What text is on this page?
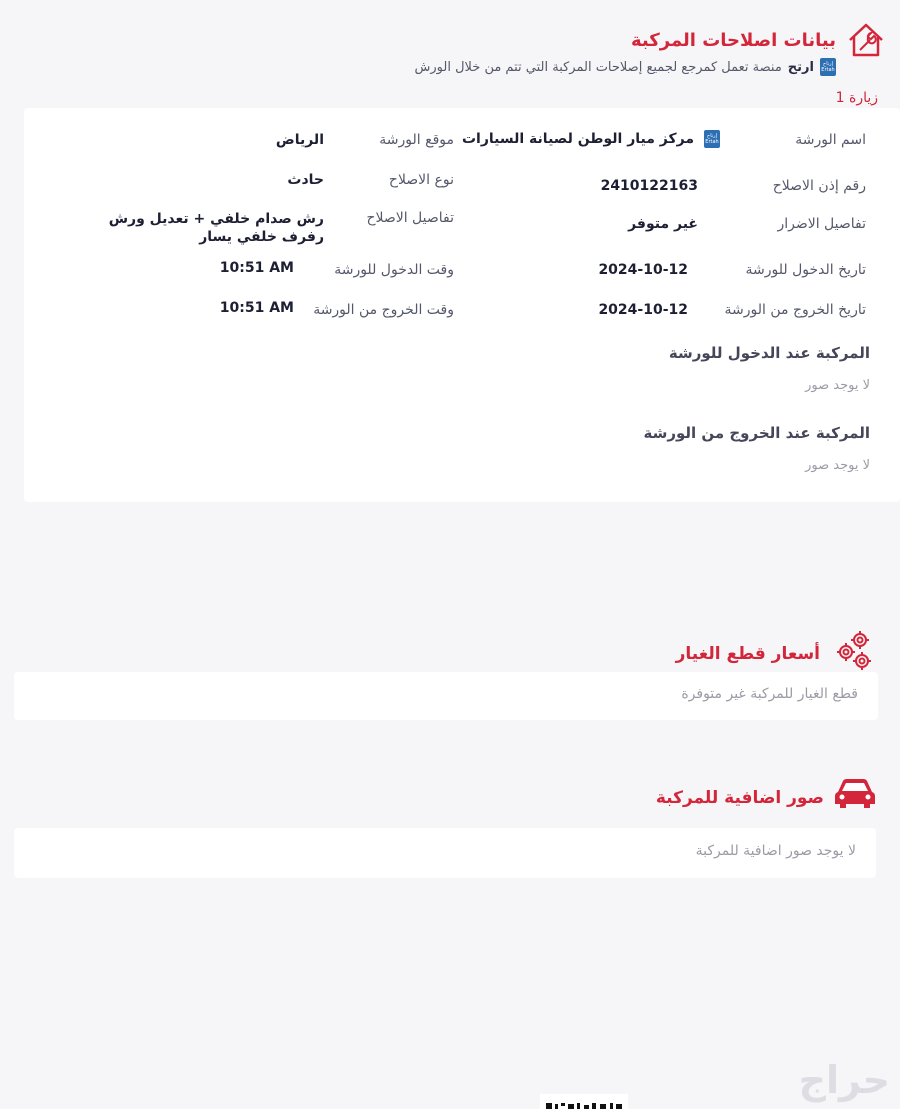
بيانات اصلاحات المركبة
إرتاح
Ertah
ارتح
منصة تعمل كمرجع لجميع إصلاحات المركبة التي تتم من خلال الورش
زيارة 1
اسم الورشة
إرتاح
Ertah
مركز ميار الوطن لصيانة السيارات
رقم إذن الاصلاح
2410122163
تفاصيل الاضرار
غير متوفر
تاريخ الدخول للورشة
2024-10-12
تاريخ الخروج من الورشة
2024-10-12
موقع الورشة
الرياض
نوع الاصلاح
حادث
تفاصيل الاصلاح
رش صدام خلفي + تعديل ورش رفرف خلفي يسار
وقت الدخول للورشة
10:51 AM
وقت الخروج من الورشة
10:51 AM
المركبة عند الدخول للورشة
لا يوجد صور
المركبة عند الخروج من الورشة
لا يوجد صور
أسعار قطع الغيار
قطع الغيار للمركبة غير متوفرة
صور اضافية للمركبة
لا يوجد صور اضافية للمركبة
حراج
